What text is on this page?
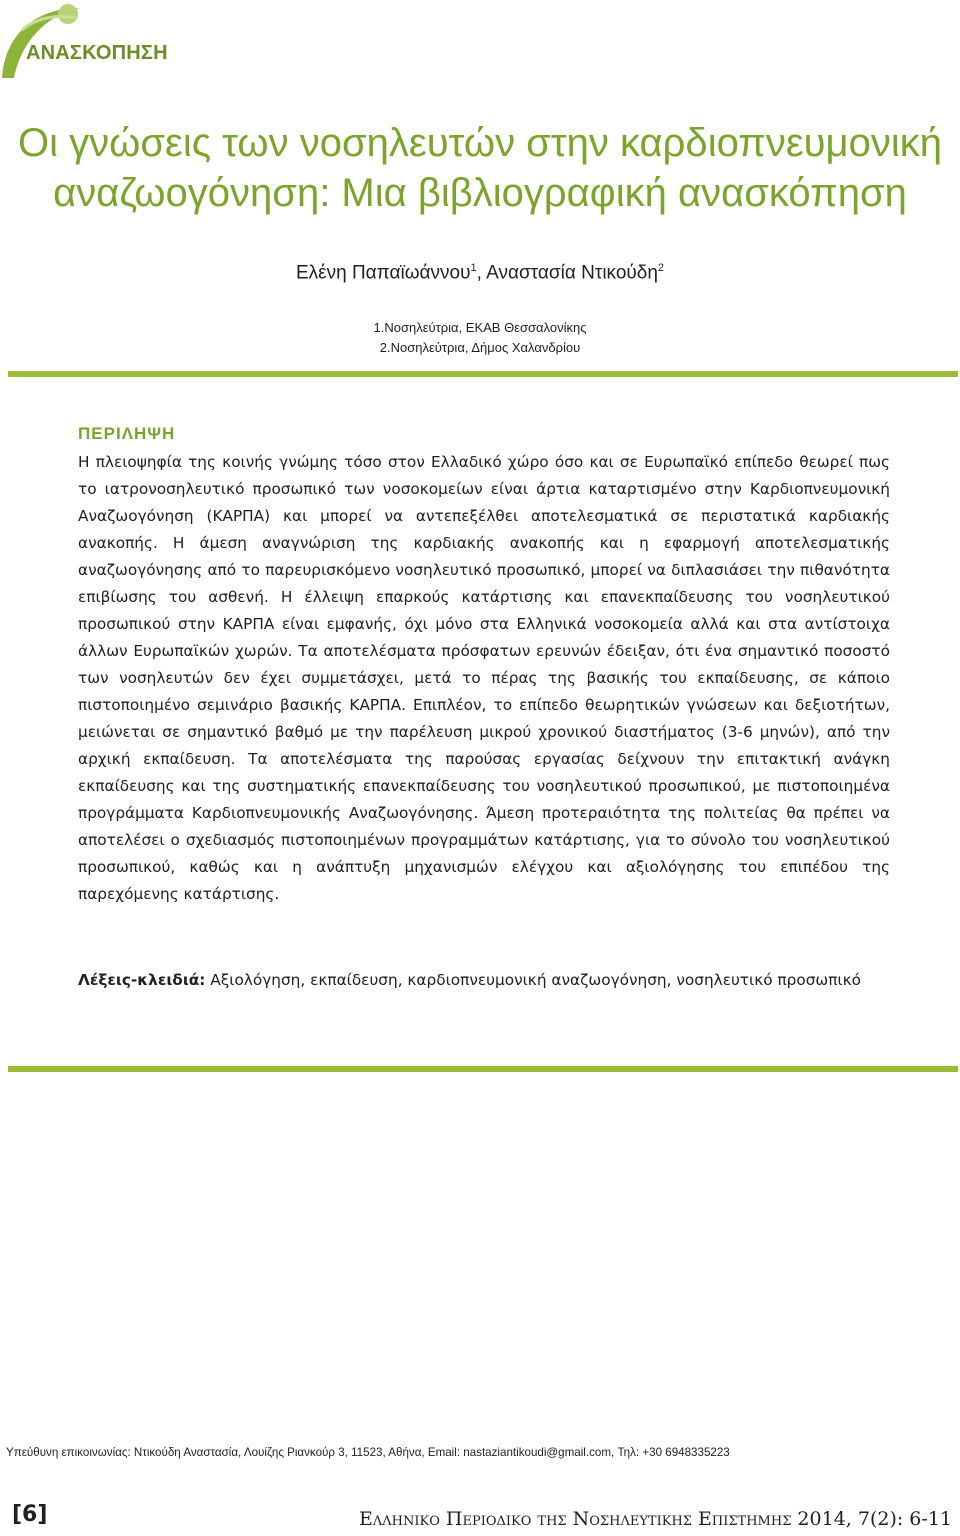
ΑΝΑΣΚΟΠΗΣΗ
Οι γνώσεις των νοσηλευτών στην καρδιοπνευμονική
αναζωογόνηση: Μια βιβλιογραφική ανασκόπηση
Ελένη Παπαϊωάννου$^1$, Αναστασία Ντικούδη$^2$
1.Νοσηλεύτρια, ΕΚΑΒ Θεσσαλονίκης
2.Νοσηλεύτρια, Δήμος Χαλανδρίου
ΠΕΡΙΛΗΨΗ

Η πλειοψηφία της κοινής γνώμης τόσο στον Ελλαδικό χώρο όσο και σε Ευρωπαϊκό επίπεδο θεωρεί πως το ιατρονοσηλευτικό προσωπικό των νοσοκομείων είναι άρτια καταρτισμένο στην Καρδιοπνευμονική Αναζωογόνηση (ΚΑΡΠΑ) και μπορεί να αντεπεξέλθει αποτελεσματικά σε περιστατικά καρδιακής ανακοπής. Η άμεση αναγνώριση της καρδιακής ανακοπής και η εφαρμογή αποτελεσματικής αναζωογόνησης από το παρευρισκόμενο νοσηλευτικό προσωπικό, μπορεί να διπλασιάσει την πιθανότητα επιβίωσης του ασθενή. Η έλλειψη επαρκούς κατάρτισης και επανεκπαίδευσης του νοσηλευτικού προσωπικού στην ΚΑΡΠΑ είναι εμφανής, όχι μόνο στα Ελληνικά νοσοκομεία αλλά και στα αντίστοιχα άλλων Ευρωπαϊκών χωρών. Τα αποτελέσματα πρόσφατων ερευνών έδειξαν, ότι ένα σημαντικό ποσοστό των νοσηλευτών δεν έχει συμμετάσχει, μετά το πέρας της βασικής του εκπαίδευσης, σε κάποιο πιστοποιημένο σεμινάριο βασικής ΚΑΡΠΑ. Επιπλέον, το επίπεδο θεωρητικών γνώσεων και δεξιοτήτων, μειώνεται σε σημαντικό βαθμό με την παρέλευση μικρού χρονικού διαστήματος (3-6 μηνών), από την αρχική εκπαίδευση. Τα αποτελέσματα της παρούσας εργασίας δείχνουν την επιτακτική ανάγκη εκπαίδευσης και της συστηματικής επανεκπαίδευσης του νοσηλευτικού προσωπικού, με πιστοποιημένα προγράμματα Καρδιοπνευμονικής Αναζωογόνησης. Άμεση προτεραιότητα της πολιτείας θα πρέπει να αποτελέσει ο σχεδιασμός πιστοποιημένων προγραμμάτων κατάρτισης, για το σύνολο του νοσηλευτικού προσωπικού, καθώς και η ανάπτυξη μηχανισμών ελέγχου και αξιολόγησης του επιπέδου της παρεχόμενης κατάρτισης.

Λέξεις-κλειδιά: Αξιολόγηση, εκπαίδευση, καρδιοπνευμονική αναζωογόνηση, νοσηλευτικό προσωπικό
Υπεύθυνη επικοινωνίας: Ντικούδη Αναστασία, Λουίζης Ριανκούρ 3, 11523, Αθήνα, Email: nastaziantikoudi@gmail.com, Τηλ: +30 6948335223
[6]	Ελληνικο Περιοδικο της Νοσηλευτικης Επιστημης 2014, 7(2): 6-11
